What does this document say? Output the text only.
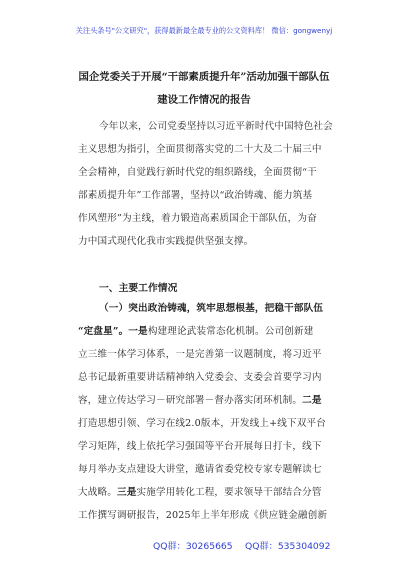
关注头条号"公文研究"，获得最新最全最专业的公文资料库！ 微信：gongwenyj
国企党委关于开展“干部素质提升年”活动加强干部队伍
建设工作情况的报告
今年以来，公司党委坚持以习近平新时代中国特色社会
主义思想为指引，全面贯彻落实党的二十大及二十届三中
全会精神，自觉践行新时代党的组织路线，全面贯彻“干
部素质提升年”工作部署，坚持以“政治铸魂、能力筑基
作风塑形”为主线，着力锻造高素质国企干部队伍，为奋
力中国式现代化我市实践提供坚强支撑。
一、主要工作情况
（一）突出政治铸魂，筑牢思想根基，把稳干部队伍
“定盘星”。一是构建理论武装常态化机制。公司创新建
立三维一体学习体系，一是完善第一议题制度，将习近平
总书记最新重要讲话精神纳入党委会、支委会首要学习内
容，建立传达学习－研究部署－督办落实闭环机制。二是
打造思想引领、学习在线2.0版本，开发线上+线下双平台
学习矩阵，线上依托学习强国等平台开展每日打卡，线下
每月举办支点建设大讲堂，邀请省委党校专家专题解读七
大战略。三是实施学用转化工程，要求领导干部结合分管
工作撰写调研报告，2025年上半年形成《供应链金融创新
QQ群：30265665 QQ群：535304092
